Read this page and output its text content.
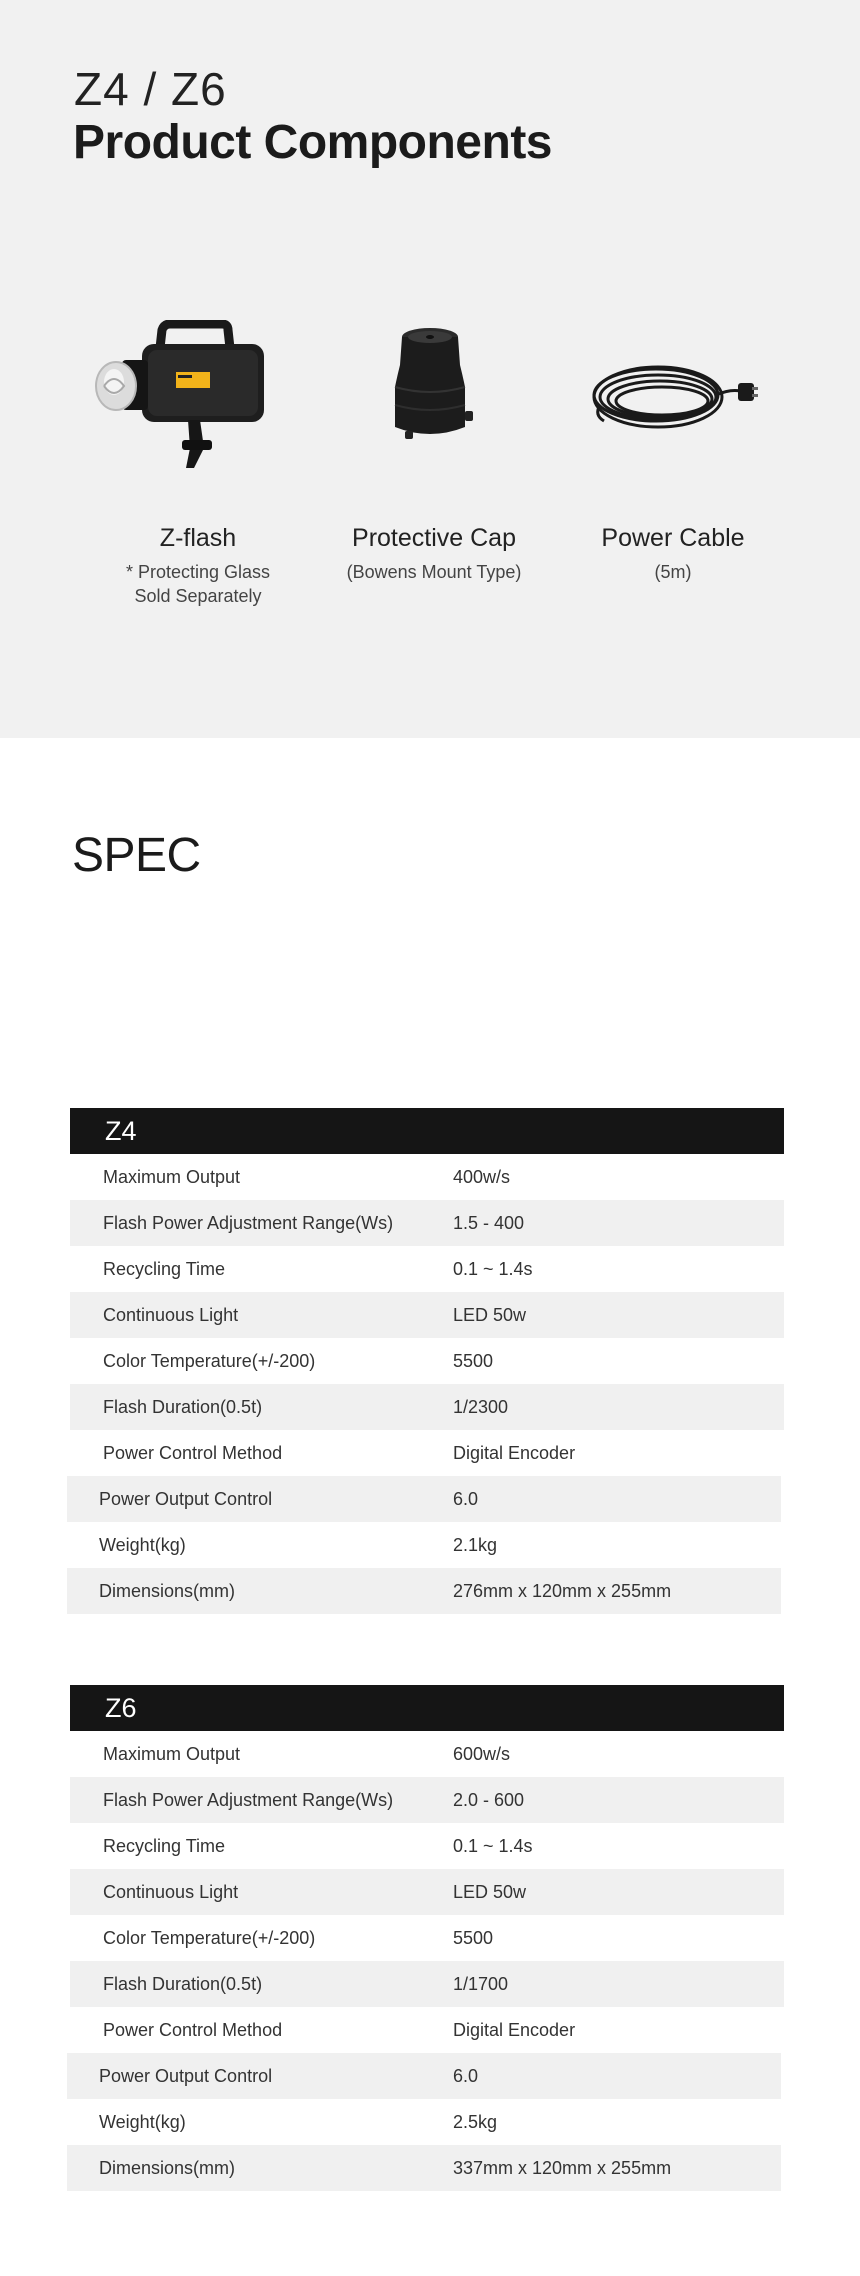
Z4 / Z6
Product Components
Z-flash
* Protecting Glass
Sold Separately
Protective Cap
(Bowens Mount Type)
Power Cable
(5m)
SPEC
Z4
Maximum Output	400w/s
Flash Power Adjustment Range(Ws)	1.5 - 400
Recycling Time	0.1 ~ 1.4s
Continuous Light	LED 50w
Color Temperature(+/-200)	5500
Flash Duration(0.5t)	1/2300
Power Control Method	Digital Encoder
Power Output Control	6.0
Weight(kg)	2.1kg
Dimensions(mm)	276mm x 120mm x 255mm
Z6
Maximum Output	600w/s
Flash Power Adjustment Range(Ws)	2.0 - 600
Recycling Time	0.1 ~ 1.4s
Continuous Light	LED 50w
Color Temperature(+/-200)	5500
Flash Duration(0.5t)	1/1700
Power Control Method	Digital Encoder
Power Output Control	6.0
Weight(kg)	2.5kg
Dimensions(mm)	337mm x 120mm x 255mm
